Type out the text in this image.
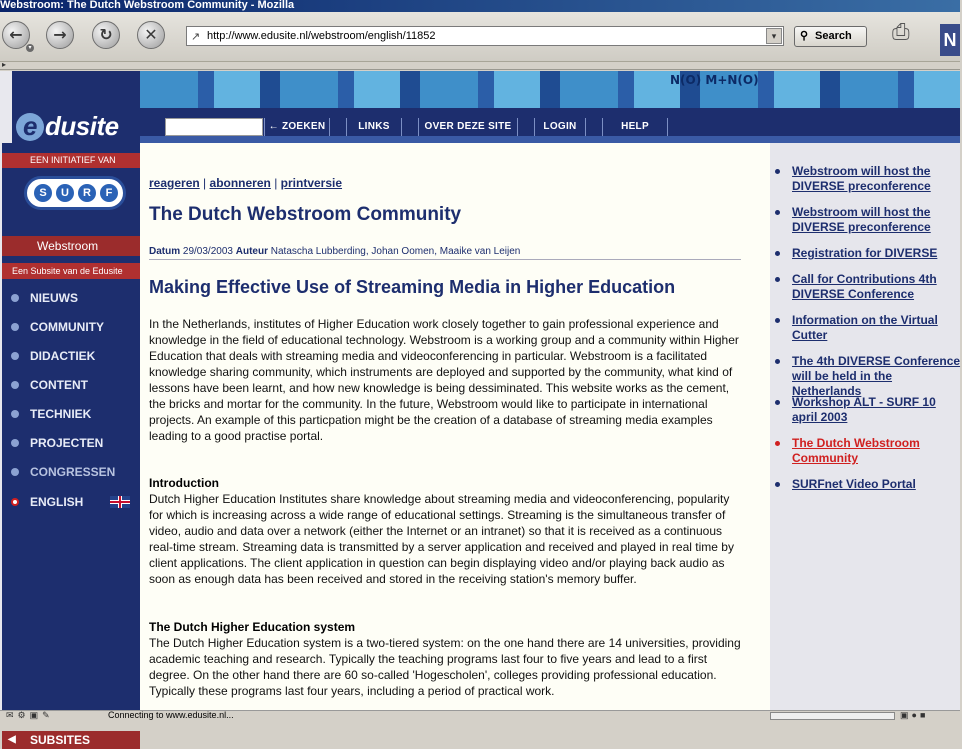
Webstroom: The Dutch Webstroom Community - Mozilla
←
▾
→	↻	✕	↗ http://www.edusite.nl/webstroom/english/11852	▾	⚲ Search	⎙ N
▸
N(O) M+N(O)
e dusite	← ZOEKEN	LINKS	OVER DEZE SITE	LOGIN	HELP
EEN INITIATIEF VAN
S	U	R	F
Webstroom
Een Subsite van de Edusite
NIEUWS
COMMUNITY
DIDACTIEK
CONTENT
TECHNIEK
PROJECTEN
CONGRESSEN
ENGLISH
◀ SUBSITES
reageren | abonneren | printversie
The Dutch Webstroom Community
Datum 29/03/2003 Auteur Natascha Lubberding, Johan Oomen, Maaike van Leijen
Making Effective Use of Streaming Media in Higher Education

In the Netherlands, institutes of Higher Education work closely together to gain professional experience and knowledge in the field of educational technology. Webstroom is a working group and a community within Higher Education that deals with streaming media and videoconferencing in particular. Webstroom is a facilitated knowledge sharing community, which instruments are deployed and supported by the community, what kind of lessons have been learnt, and how new knowledge is being dessiminated. This website works as the cement, the bricks and mortar for the community. In the future, Webstroom would like to participate in international projects. An example of this particpation might be the creation of a database of streaming media examples leading to a good practise portal.

Introduction

Dutch Higher Education Institutes share knowledge about streaming media and videoconferencing, popularity for which is increasing across a wide range of educational settings. Streaming is the simultaneous transfer of video, audio and data over a network (either the Internet or an intranet) so that it is received as a continuous real-time stream. Streaming data is transmitted by a server application and received and played in real time by client applications. The client application in question can begin displaying video and/or playing back audio as soon as enough data has been received and stored in the receiving station's memory buffer.

The Dutch Higher Education system

The Dutch Higher Education system is a two-tiered system: on the one hand there are 14 universities, providing academic teaching and research. Typically the teaching programs last four to five years and lead to a first degree. On the other hand there are 60 so-called 'Hogescholen', colleges providing professional education. Typically these programs last four years, including a period of practical work.

Webstroom will host the DIVERSE preconference
Webstroom will host the DIVERSE preconference
Registration for DIVERSE
Call for Contributions 4th DIVERSE Conference
Information on the Virtual Cutter
The 4th DIVERSE Conference will be held in the Netherlands
Workshop ALT - SURF 10 april 2003
The Dutch Webstroom Community
SURFnet Video Portal
✉⚙▣✎	Connecting to www.edusite.nl...	▣●■
